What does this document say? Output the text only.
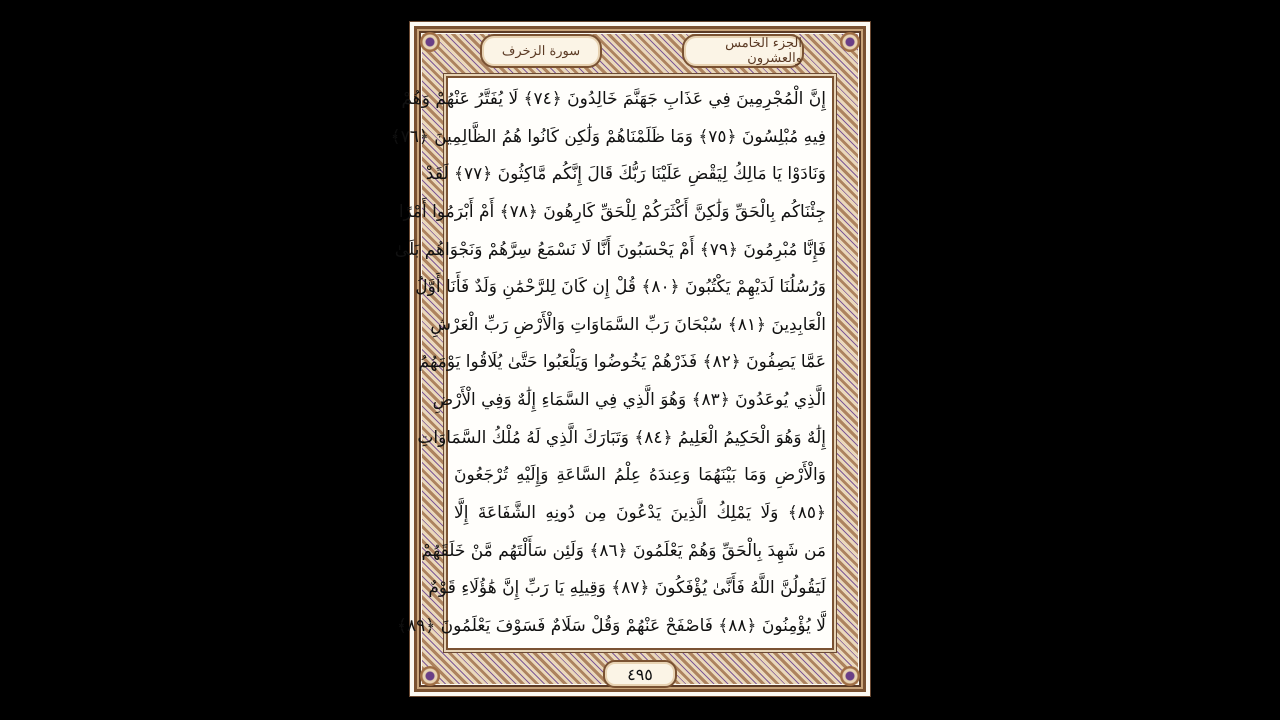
الجزء الخامس والعشرون
سورة الزخرف
إِنَّ الْمُجْرِمِينَ فِي عَذَابِ جَهَنَّمَ خَالِدُونَ ﴿٧٤﴾ لَا يُفَتَّرُ عَنْهُمْ وَهُمْ
فِيهِ مُبْلِسُونَ ﴿٧٥﴾ وَمَا ظَلَمْنَاهُمْ وَلَٰكِن كَانُوا هُمُ الظَّالِمِينَ ﴿٧٦﴾
وَنَادَوْا يَا مَالِكُ لِيَقْضِ عَلَيْنَا رَبُّكَ قَالَ إِنَّكُم مَّاكِثُونَ ﴿٧٧﴾ لَقَدْ
جِئْنَاكُم بِالْحَقِّ وَلَٰكِنَّ أَكْثَرَكُمْ لِلْحَقِّ كَارِهُونَ ﴿٧٨﴾ أَمْ أَبْرَمُوا أَمْرًا
فَإِنَّا مُبْرِمُونَ ﴿٧٩﴾ أَمْ يَحْسَبُونَ أَنَّا لَا نَسْمَعُ سِرَّهُمْ وَنَجْوَاهُم بَلَىٰ
وَرُسُلُنَا لَدَيْهِمْ يَكْتُبُونَ ﴿٨٠﴾ قُلْ إِن كَانَ لِلرَّحْمَٰنِ وَلَدٌ فَأَنَا أَوَّلُ
الْعَابِدِينَ ﴿٨١﴾ سُبْحَانَ رَبِّ السَّمَاوَاتِ وَالْأَرْضِ رَبِّ الْعَرْشِ
عَمَّا يَصِفُونَ ﴿٨٢﴾ فَذَرْهُمْ يَخُوضُوا وَيَلْعَبُوا حَتَّىٰ يُلَاقُوا يَوْمَهُمُ
الَّذِي يُوعَدُونَ ﴿٨٣﴾ وَهُوَ الَّذِي فِي السَّمَاءِ إِلَٰهٌ وَفِي الْأَرْضِ
إِلَٰهٌ وَهُوَ الْحَكِيمُ الْعَلِيمُ ﴿٨٤﴾ وَتَبَارَكَ الَّذِي لَهُ مُلْكُ السَّمَاوَاتِ
وَالْأَرْضِ وَمَا بَيْنَهُمَا وَعِندَهُ عِلْمُ السَّاعَةِ وَإِلَيْهِ تُرْجَعُونَ
﴿٨٥﴾ وَلَا يَمْلِكُ الَّذِينَ يَدْعُونَ مِن دُونِهِ الشَّفَاعَةَ إِلَّا
مَن شَهِدَ بِالْحَقِّ وَهُمْ يَعْلَمُونَ ﴿٨٦﴾ وَلَئِن سَأَلْتَهُم مَّنْ خَلَقَهُمْ
لَيَقُولُنَّ اللَّهُ فَأَنَّىٰ يُؤْفَكُونَ ﴿٨٧﴾ وَقِيلِهِ يَا رَبِّ إِنَّ هَٰؤُلَاءِ قَوْمٌ
لَّا يُؤْمِنُونَ ﴿٨٨﴾ فَاصْفَحْ عَنْهُمْ وَقُلْ سَلَامٌ فَسَوْفَ يَعْلَمُونَ ﴿٨٩﴾
٤٩٥
